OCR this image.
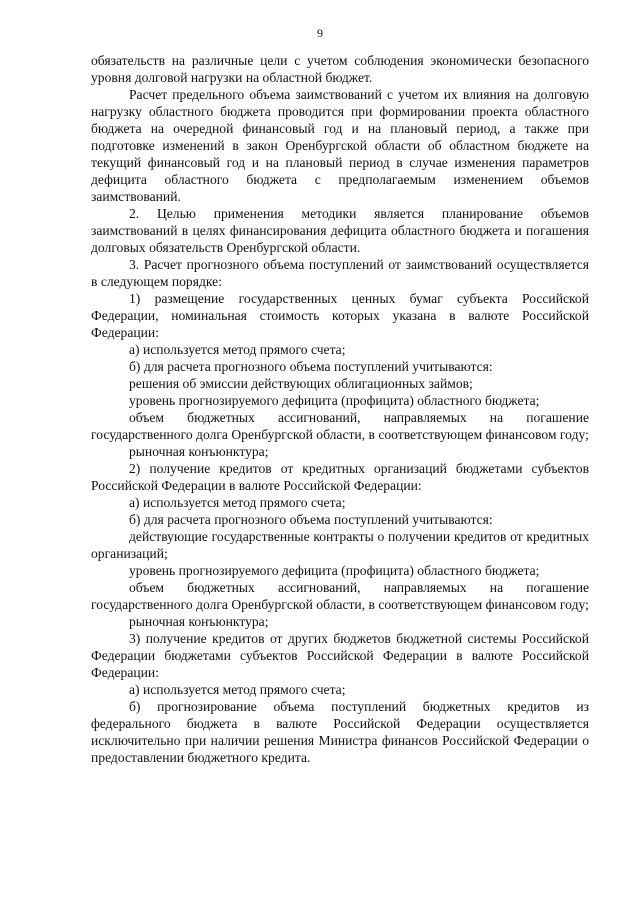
9

обязательств на различные цели с учетом соблюдения экономически безопасного уровня долговой нагрузки на областной бюджет.

Расчет предельного объема заимствований с учетом их влияния на долговую нагрузку областного бюджета проводится при формировании проекта областного бюджета на очередной финансовый год и на плановый период, а также при подготовке изменений в закон Оренбургской области об областном бюджете на текущий финансовый год и на плановый период в случае изменения параметров дефицита областного бюджета с предполагаемым изменением объемов заимствований.

2. Целью применения методики является планирование объемов заимствований в целях финансирования дефицита областного бюджета и погашения долговых обязательств Оренбургской области.

3. Расчет прогнозного объема поступлений от заимствований осуществляется в следующем порядке:

1) размещение государственных ценных бумаг субъекта Российской Федерации, номинальная стоимость которых указана в валюте Российской Федерации:

а) используется метод прямого счета;

б) для расчета прогнозного объема поступлений учитываются:

решения об эмиссии действующих облигационных займов;

уровень прогнозируемого дефицита (профицита) областного бюджета;

объем бюджетных ассигнований, направляемых на погашение государственного долга Оренбургской области, в соответствующем финансовом году;

рыночная конъюнктура;

2) получение кредитов от кредитных организаций бюджетами субъектов Российской Федерации в валюте Российской Федерации:

а) используется метод прямого счета;

б) для расчета прогнозного объема поступлений учитываются:

действующие государственные контракты о получении кредитов от кредитных организаций;

уровень прогнозируемого дефицита (профицита) областного бюджета;

объем бюджетных ассигнований, направляемых на погашение государственного долга Оренбургской области, в соответствующем финансовом году;

рыночная конъюнктура;

3) получение кредитов от других бюджетов бюджетной системы Российской Федерации бюджетами субъектов Российской Федерации в валюте Российской Федерации:

а) используется метод прямого счета;

б) прогнозирование объема поступлений бюджетных кредитов из федерального бюджета в валюте Российской Федерации осуществляется исключительно при наличии решения Министра финансов Российской Федерации о предоставлении бюджетного кредита.
